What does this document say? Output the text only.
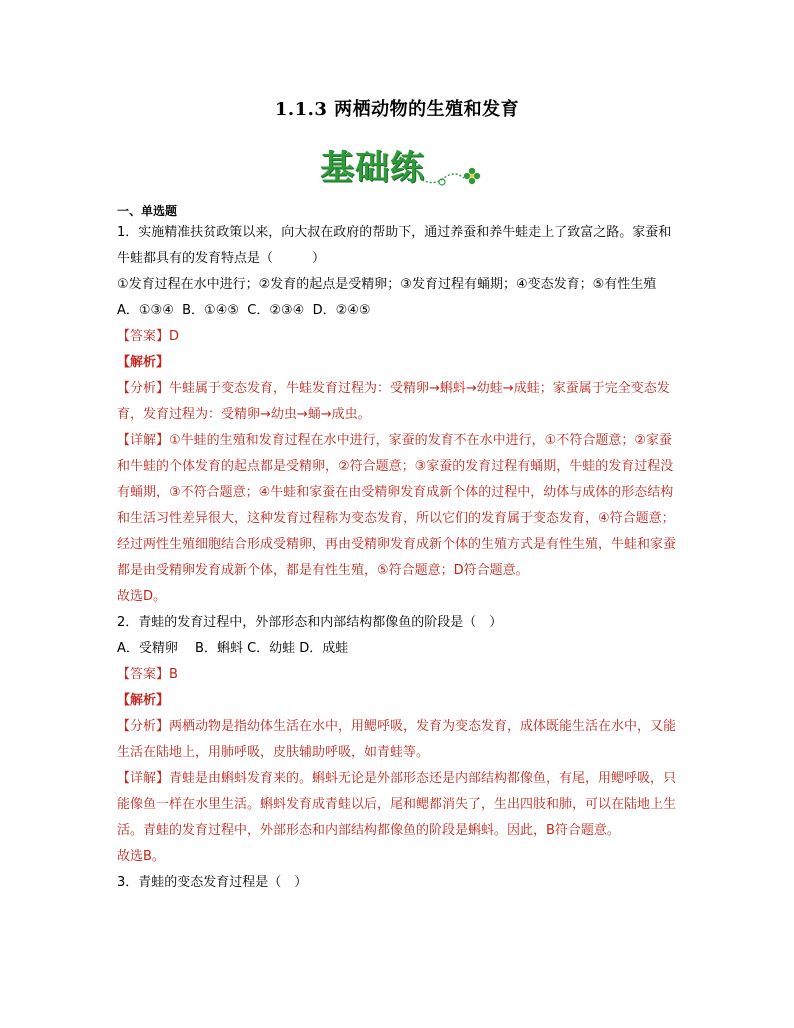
1.1.3 两栖动物的生殖和发育
基础练

一、单选题

1．实施精准扶贫政策以来，向大叔在政府的帮助下，通过养蚕和养牛蛙走上了致富之路。家蚕和牛蛙都具有的发育特点是（　　　）

①发育过程在水中进行；②发育的起点是受精卵；③发育过程有蛹期；④变态发育；⑤有性生殖

A．①③④  B．①④⑤  C．②③④  D．②④⑤

【答案】D

【解析】

【分析】牛蛙属于变态发育，牛蛙发育过程为：受精卵→蝌蚪→幼蛙→成蛙；家蚕属于完全变态发育，发育过程为：受精卵→幼虫→蛹→成虫。

【详解】①牛蛙的生殖和发育过程在水中进行，家蚕的发育不在水中进行，①不符合题意；②家蚕和牛蛙的个体发育的起点都是受精卵，②符合题意；③家蚕的发育过程有蛹期，牛蛙的发育过程没有蛹期，③不符合题意；④牛蛙和家蚕在由受精卵发育成新个体的过程中，幼体与成体的形态结构和生活习性差异很大，这种发育过程称为变态发育，所以它们的发育属于变态发育，④符合题意；经过两性生殖细胞结合形成受精卵，再由受精卵发育成新个体的生殖方式是有性生殖，牛蛙和家蚕都是由受精卵发育成新个体，都是有性生殖，⑤符合题意；D符合题意。

故选D。

2．青蛙的发育过程中，外部形态和内部结构都像鱼的阶段是（　）

A．受精卵　 B．蝌蚪 C．幼蛙 D．成蛙

【答案】B

【解析】

【分析】两栖动物是指幼体生活在水中，用鳃呼吸，发育为变态发育，成体既能生活在水中，又能生活在陆地上，用肺呼吸，皮肤辅助呼吸，如青蛙等。

【详解】青蛙是由蝌蚪发育来的。蝌蚪无论是外部形态还是内部结构都像鱼，有尾，用鳃呼吸，只能像鱼一样在水里生活。蝌蚪发育成青蛙以后，尾和鳃都消失了，生出四肢和肺，可以在陆地上生活。青蛙的发育过程中，外部形态和内部结构都像鱼的阶段是蝌蚪。因此，B符合题意。

故选B。

3．青蛙的变态发育过程是（　）
